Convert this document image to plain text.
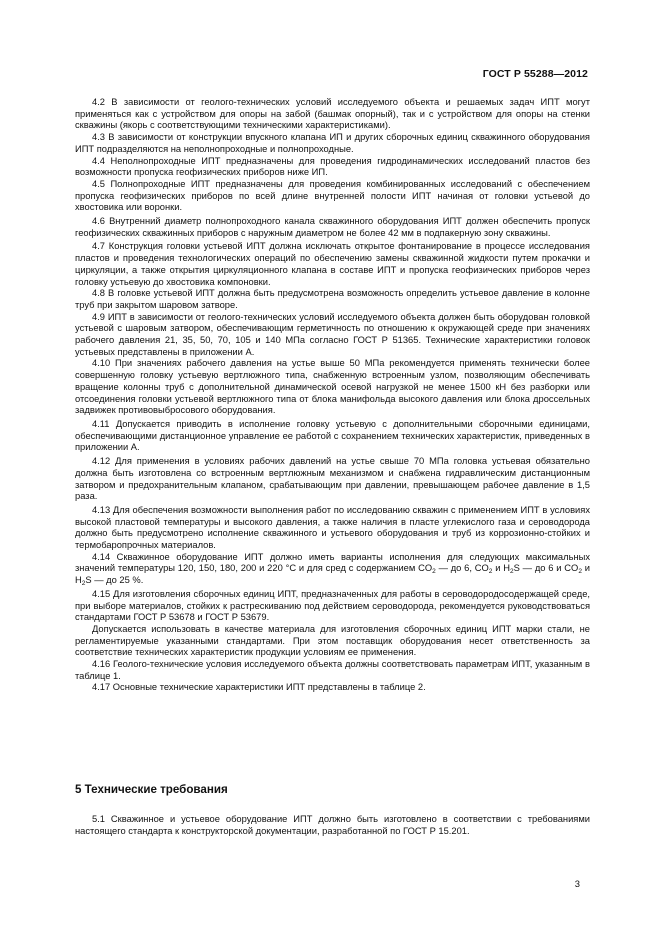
ГОСТ Р 55288—2012

4.2 В зависимости от геолого-технических условий исследуемого объекта и решаемых задач ИПТ могут применяться как с устройством для опоры на забой (башмак опорный), так и с устройством для опоры на стенки скважины (якорь с соответствующими техническими характеристиками).

4.3 В зависимости от конструкции впускного клапана ИП и других сборочных единиц скважинного оборудования ИПТ подразделяются на неполнопроходные и полнопроходные.

4.4 Неполнопроходные ИПТ предназначены для проведения гидродинамических исследований пластов без возможности пропуска геофизических приборов ниже ИП.

4.5 Полнопроходные ИПТ предназначены для проведения комбинированных исследований с обеспечением пропуска геофизических приборов по всей длине внутренней полости ИПТ начиная от головки устьевой до хвостовика или воронки.

4.6 Внутренний диаметр полнопроходного канала скважинного оборудования ИПТ должен обеспечить пропуск геофизических скважинных приборов с наружным диаметром не более 42 мм в подпакерную зону скважины.

4.7 Конструкция головки устьевой ИПТ должна исключать открытое фонтанирование в процессе исследования пластов и проведения технологических операций по обеспечению замены скважинной жидкости путем прокачки и циркуляции, а также открытия циркуляционного клапана в составе ИПТ и пропуска геофизических приборов через головку устьевую до хвостовика компоновки.

4.8 В головке устьевой ИПТ должна быть предусмотрена возможность определить устьевое давление в колонне труб при закрытом шаровом затворе.

4.9 ИПТ в зависимости от геолого-технических условий исследуемого объекта должен быть оборудован головкой устьевой с шаровым затвором, обеспечивающим герметичность по отношению к окружающей среде при значениях рабочего давления 21, 35, 50, 70, 105 и 140 МПа согласно ГОСТ Р 51365. Технические характеристики головок устьевых представлены в приложении А.

4.10 При значениях рабочего давления на устье выше 50 МПа рекомендуется применять технически более совершенную головку устьевую вертлюжного типа, снабженную встроенным узлом, позволяющим обеспечивать вращение колонны труб с дополнительной динамической осевой нагрузкой не менее 1500 кН без разборки или отсоединения головки устьевой вертлюжного типа от блока манифольда высокого давления или блока дроссельных задвижек противовыбросового оборудования.

4.11 Допускается приводить в исполнение головку устьевую с дополнительными сборочными единицами, обеспечивающими дистанционное управление ее работой с сохранением технических характеристик, приведенных в приложении А.

4.12 Для применения в условиях рабочих давлений на устье свыше 70 МПа головка устьевая обязательно должна быть изготовлена со встроенным вертлюжным механизмом и снабжена гидравлическим дистанционным затвором и предохранительным клапаном, срабатывающим при давлении, превышающем рабочее давление в 1,5 раза.

4.13 Для обеспечения возможности выполнения работ по исследованию скважин с применением ИПТ в условиях высокой пластовой температуры и высокого давления, а также наличия в пласте углекислого газа и сероводорода должно быть предусмотрено исполнение скважинного и устьевого оборудования и труб из коррозионно-стойких и термобаропрочных материалов.

4.14 Скважинное оборудование ИПТ должно иметь варианты исполнения для следующих максимальных значений температуры 120, 150, 180, 200 и 220 °С и для сред с содержанием $CO_2$ — до 6, $CO_2$ и $H_2S$ — до 6 и $CO_2$ и $H_2S$ — до 25 %.

4.15 Для изготовления сборочных единиц ИПТ, предназначенных для работы в сероводородосодержащей среде, при выборе материалов, стойких к растрескиванию под действием сероводорода, рекомендуется руководствоваться стандартами ГОСТ Р 53678 и ГОСТ Р 53679.

Допускается использовать в качестве материала для изготовления сборочных единиц ИПТ марки стали, не регламентируемые указанными стандартами. При этом поставщик оборудования несет ответственность за соответствие технических характеристик продукции условиям ее применения.

4.16 Геолого-технические условия исследуемого объекта должны соответствовать параметрам ИПТ, указанным в таблице 1.

4.17 Основные технические характеристики ИПТ представлены в таблице 2.

5 Технические требования

5.1 Скважинное и устьевое оборудование ИПТ должно быть изготовлено в соответствии с требованиями настоящего стандарта к конструкторской документации, разработанной по ГОСТ Р 15.201.

3
